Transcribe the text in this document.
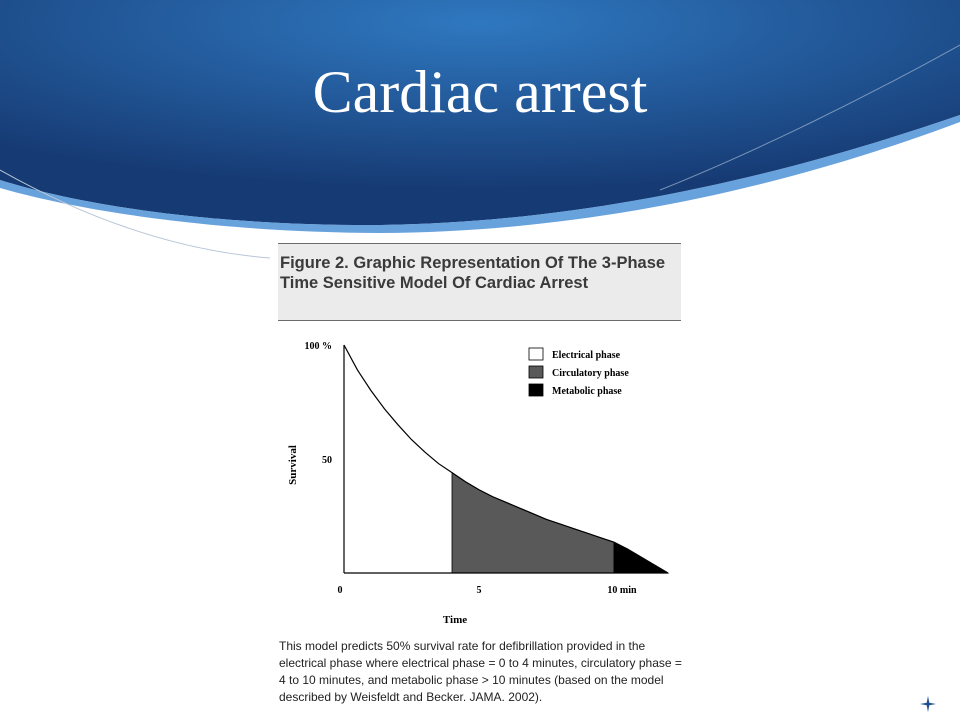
Cardiac arrest
Figure 2. Graphic Representation Of The 3-Phase Time Sensitive Model Of Cardiac Arrest
0	5	10 min
100 %
50
Time
Survival
Electrical phase
Circulatory phase
Metabolic phase
This model predicts 50% survival rate for defibrillation provided in the electrical phase where electrical phase = 0 to 4 minutes, circulatory phase = 4 to 10 minutes, and metabolic phase > 10 minutes (based on the model described by Weisfeldt and Becker. JAMA. 2002).
